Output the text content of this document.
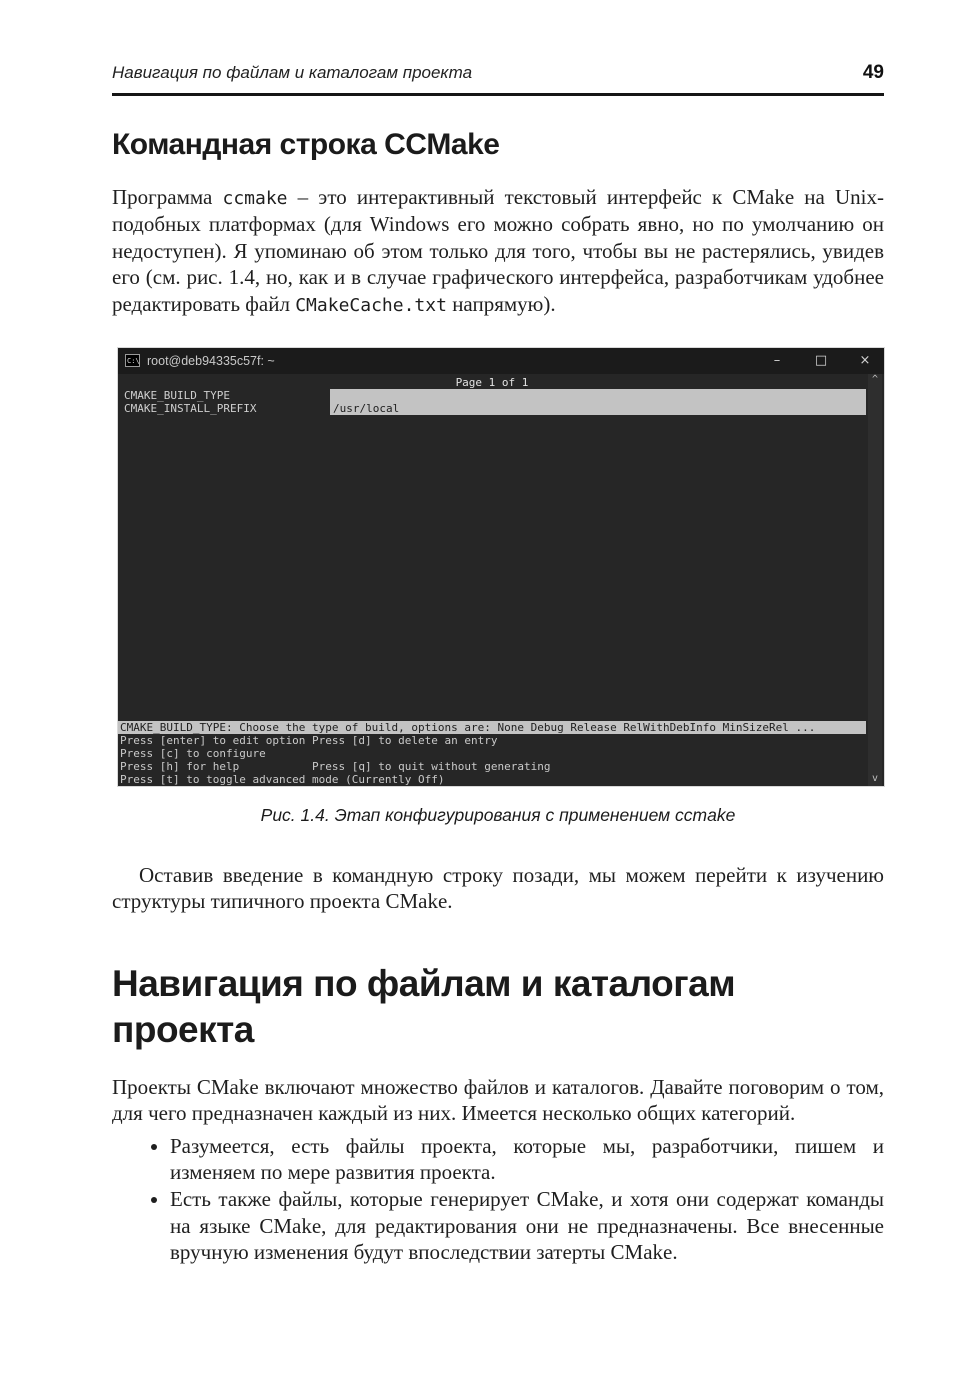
Навигация по файлам и каталогам проекта	49
Командная строка CCMake

Программа ccmake – это интерактивный текстовый интерфейс к CMake на Unix-подобных платформах (для Windows его можно собрать явно, но по умолчанию он недоступен). Я упоминаю об этом только для того, чтобы вы не растерялись, увидев его (см. рис. 1.4, но, как и в случае графического интерфейса, разработчикам удобнее редактировать файл CMakeCache.txt напрямую).

C:\ root@deb94335c57f: ~	–	□ ×
Page 1 of 1
CMAKE_BUILD_TYPE
CMAKE_INSTALL_PREFIX	/usr/local
CMAKE_BUILD_TYPE: Choose the type of build, options are: None Debug Release RelWithDebInfo MinSizeRel ...
Press [enter] to edit option Press [d] to delete an entry
Press [c] to configure
Press [h] for help           Press [q] to quit without generating
Press [t] to toggle advanced mode (Currently Off)
^
v
Рис. 1.4. Этап конфигурирования с применением ccmake

Оставив введение в командную строку позади, мы можем перейти к изучению структуры типичного проекта CMake.

Навигация по файлам и каталогам проекта

Проекты CMake включают множество файлов и каталогов. Давайте поговорим о том, для чего предназначен каждый из них. Имеется несколько общих категорий.

• Разумеется, есть файлы проекта, которые мы, разработчики, пишем и изменяем по мере развития проекта.
• Есть также файлы, которые генерирует CMake, и хотя они содержат команды на языке CMake, для редактирования они не предназначены. Все внесенные вручную изменения будут впоследствии затерты CMake.
